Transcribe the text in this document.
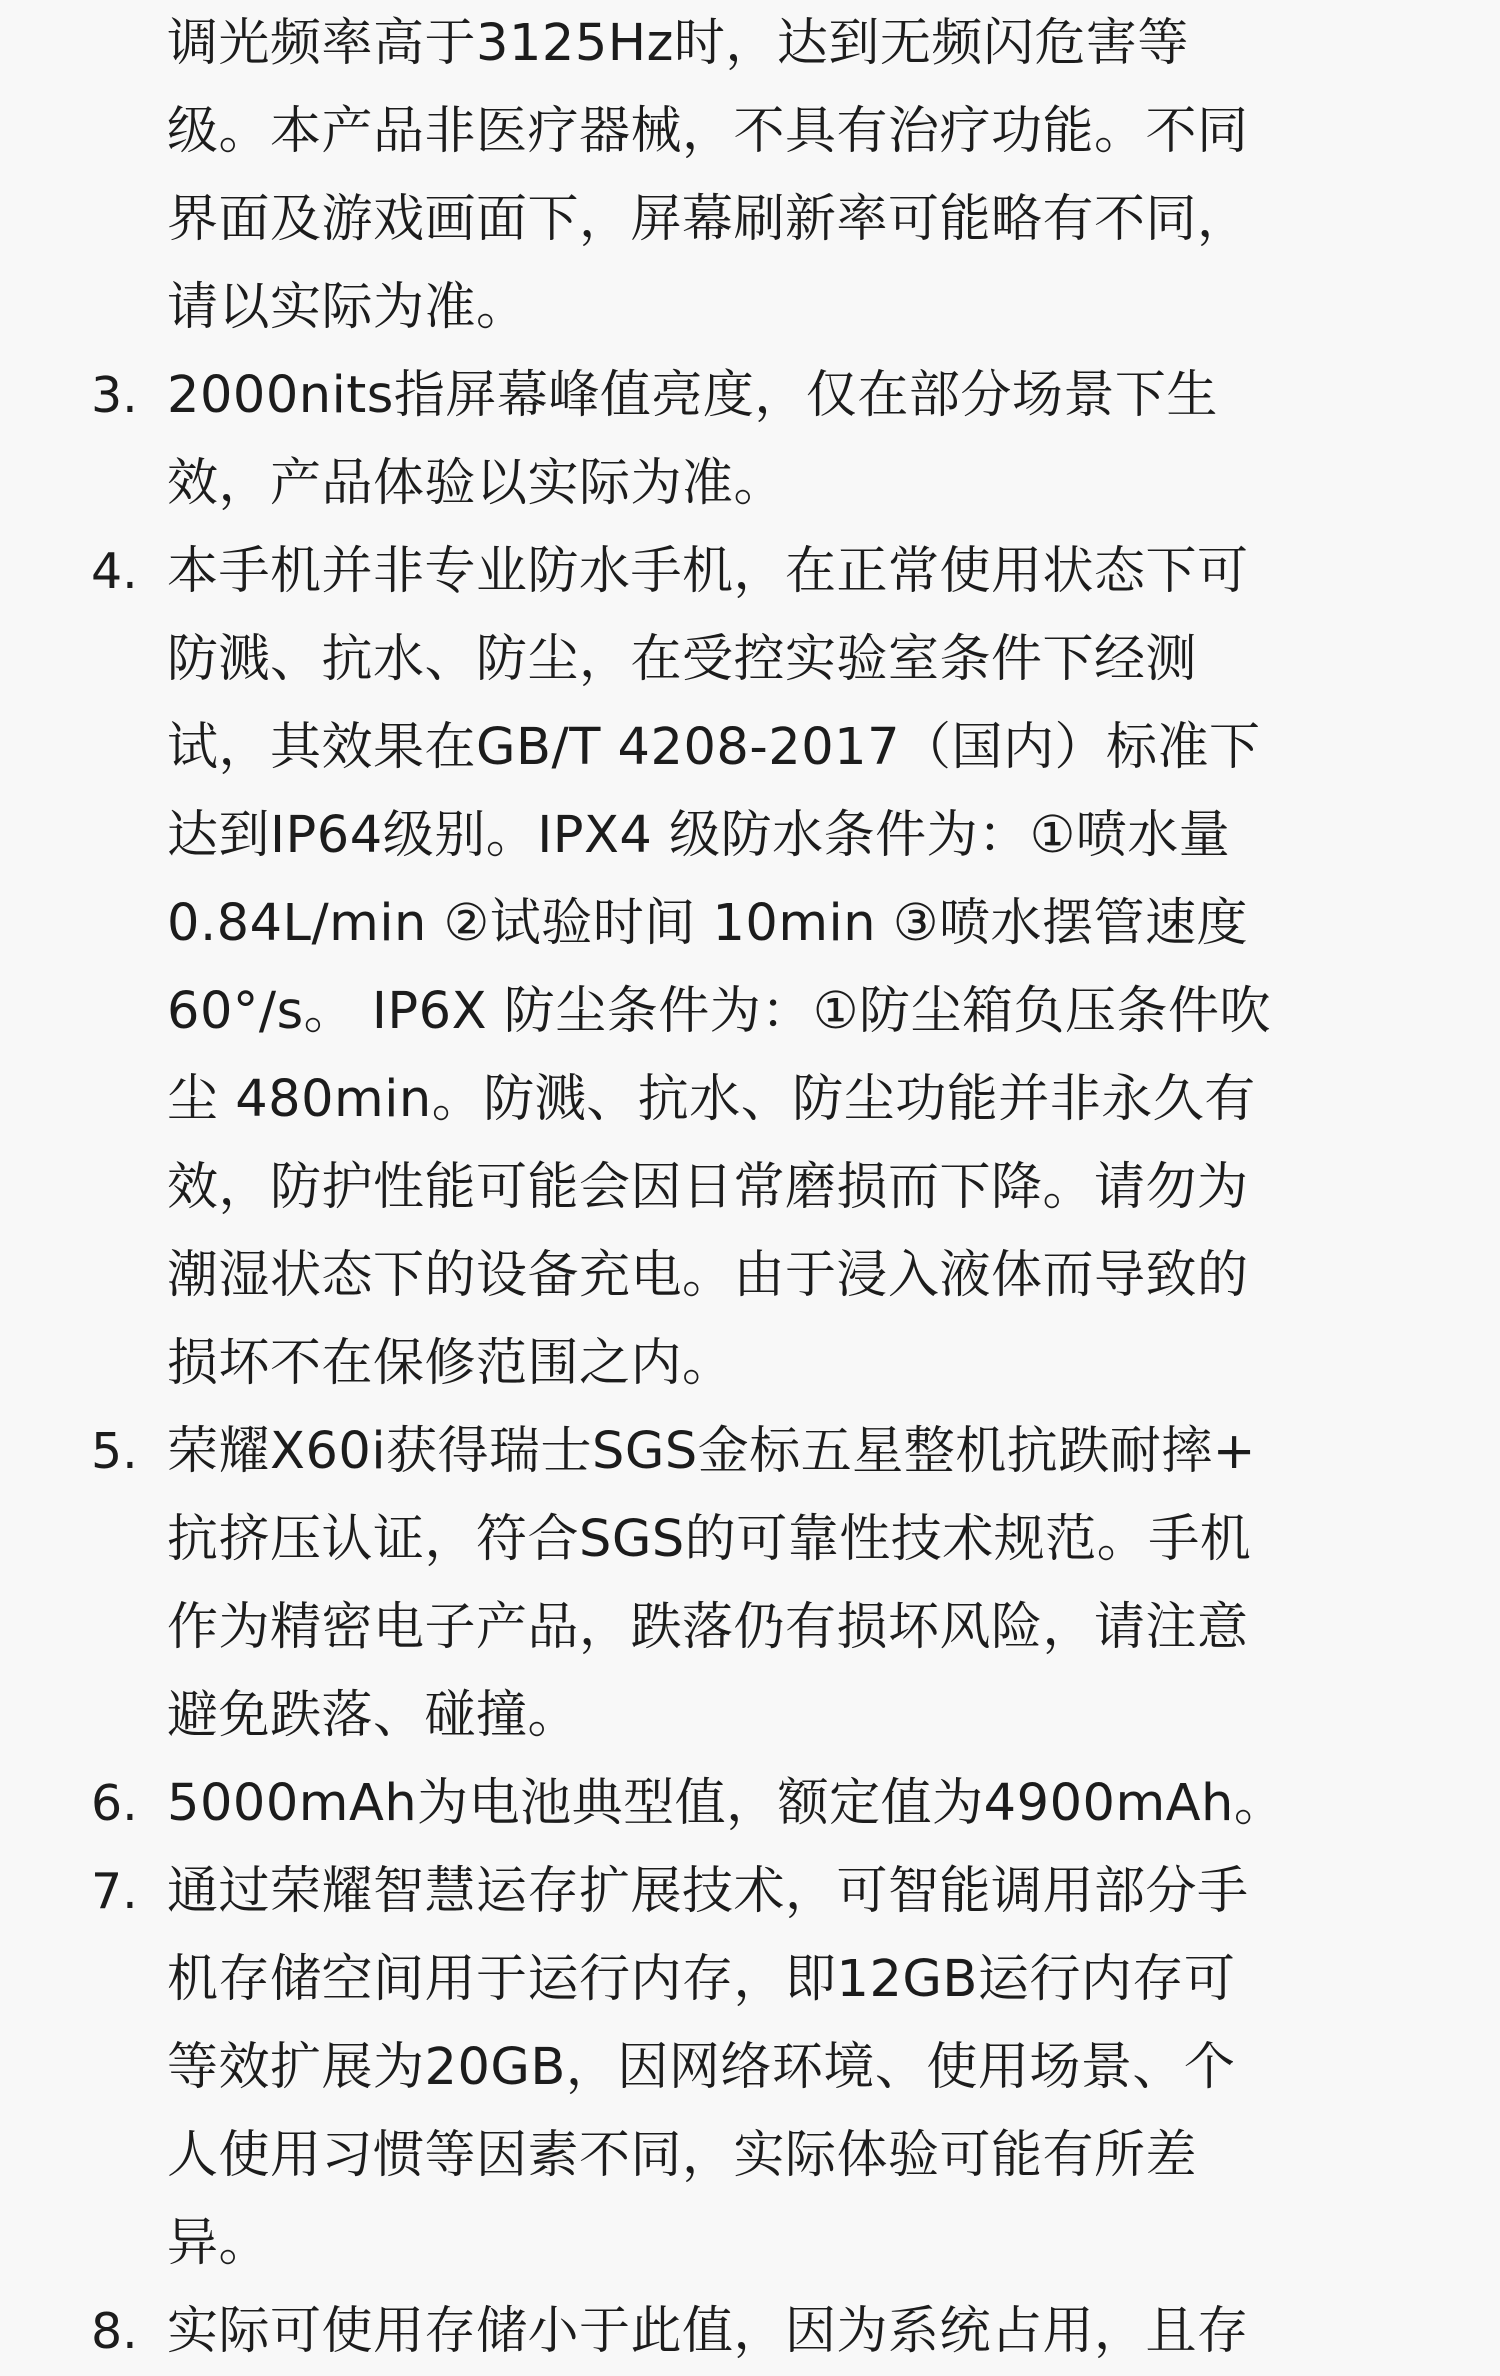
调光频率高于3125Hz时，达到无频闪危害等
级。本产品非医疗器械，不具有治疗功能。不同
界面及游戏画面下，屏幕刷新率可能略有不同，
请以实际为准。
3. 2000nits指屏幕峰值亮度，仅在部分场景下生
效，产品体验以实际为准。
4. 本手机并非专业防水手机，在正常使用状态下可
防溅、抗水、防尘，在受控实验室条件下经测
试，其效果在GB/T 4208-2017（国内）标准下
达到IP64级别。IPX4 级防水条件为：①喷水量
0.84L/min ②试验时间 10min ③喷水摆管速度
60°/s。 IP6X 防尘条件为：①防尘箱负压条件吹
尘 480min。防溅、抗水、防尘功能并非永久有
效，防护性能可能会因日常磨损而下降。请勿为
潮湿状态下的设备充电。由于浸入液体而导致的
损坏不在保修范围之内。
5. 荣耀X60i获得瑞士SGS金标五星整机抗跌耐摔+
抗挤压认证，符合SGS的可靠性技术规范。手机
作为精密电子产品，跌落仍有损坏风险，请注意
避免跌落、碰撞。
6. 5000mAh为电池典型值，额定值为4900mAh。
7. 通过荣耀智慧运存扩展技术，可智能调用部分手
机存储空间用于运行内存，即12GB运行内存可
等效扩展为20GB，因网络环境、使用场景、个
人使用习惯等因素不同，实际体验可能有所差
异。
8. 实际可使用存储小于此值，因为系统占用，且存
